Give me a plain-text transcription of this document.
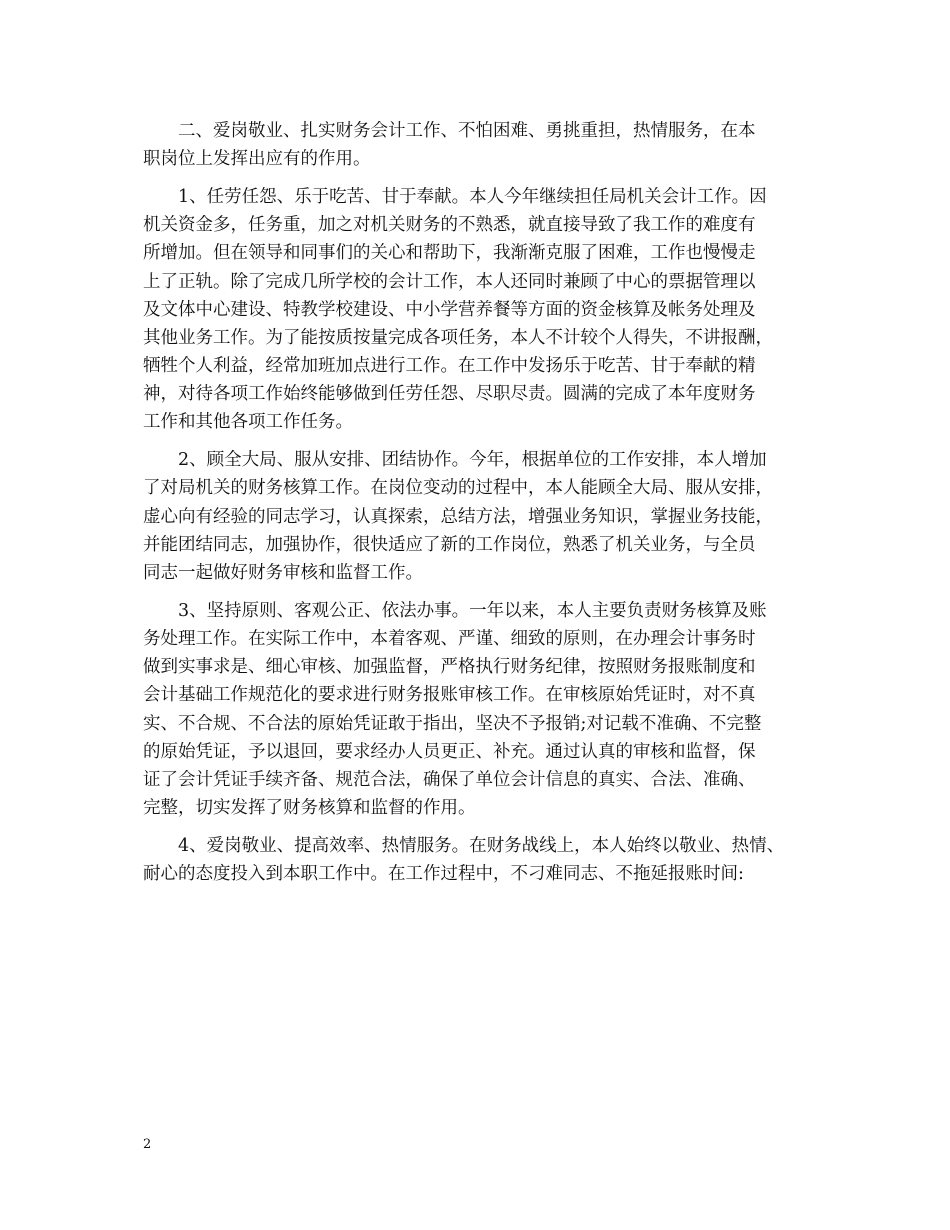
二、爱岗敬业、扎实财务会计工作、不怕困难、勇挑重担，热情服务，在本
职岗位上发挥出应有的作用。
1、任劳任怨、乐于吃苦、甘于奉献。本人今年继续担任局机关会计工作。因
机关资金多，任务重，加之对机关财务的不熟悉，就直接导致了我工作的难度有
所增加。但在领导和同事们的关心和帮助下，我渐渐克服了困难，工作也慢慢走
上了正轨。除了完成几所学校的会计工作，本人还同时兼顾了中心的票据管理以
及文体中心建设、特教学校建设、中小学营养餐等方面的资金核算及帐务处理及
其他业务工作。为了能按质按量完成各项任务，本人不计较个人得失，不讲报酬，
牺牲个人利益，经常加班加点进行工作。在工作中发扬乐于吃苦、甘于奉献的精
神，对待各项工作始终能够做到任劳任怨、尽职尽责。圆满的完成了本年度财务
工作和其他各项工作任务。
2、顾全大局、服从安排、团结协作。今年，根据单位的工作安排，本人增加
了对局机关的财务核算工作。在岗位变动的过程中，本人能顾全大局、服从安排，
虚心向有经验的同志学习，认真探索，总结方法，增强业务知识，掌握业务技能，
并能团结同志，加强协作，很快适应了新的工作岗位，熟悉了机关业务，与全员
同志一起做好财务审核和监督工作。
3、坚持原则、客观公正、依法办事。一年以来，本人主要负责财务核算及账
务处理工作。在实际工作中，本着客观、严谨、细致的原则，在办理会计事务时
做到实事求是、细心审核、加强监督，严格执行财务纪律，按照财务报账制度和
会计基础工作规范化的要求进行财务报账审核工作。在审核原始凭证时，对不真
实、不合规、不合法的原始凭证敢于指出，坚决不予报销;对记载不准确、不完整
的原始凭证，予以退回，要求经办人员更正、补充。通过认真的审核和监督，保
证了会计凭证手续齐备、规范合法，确保了单位会计信息的真实、合法、准确、
完整，切实发挥了财务核算和监督的作用。
4、爱岗敬业、提高效率、热情服务。在财务战线上，本人始终以敬业、热情、
耐心的态度投入到本职工作中。在工作过程中，不刁难同志、不拖延报账时间:
2
